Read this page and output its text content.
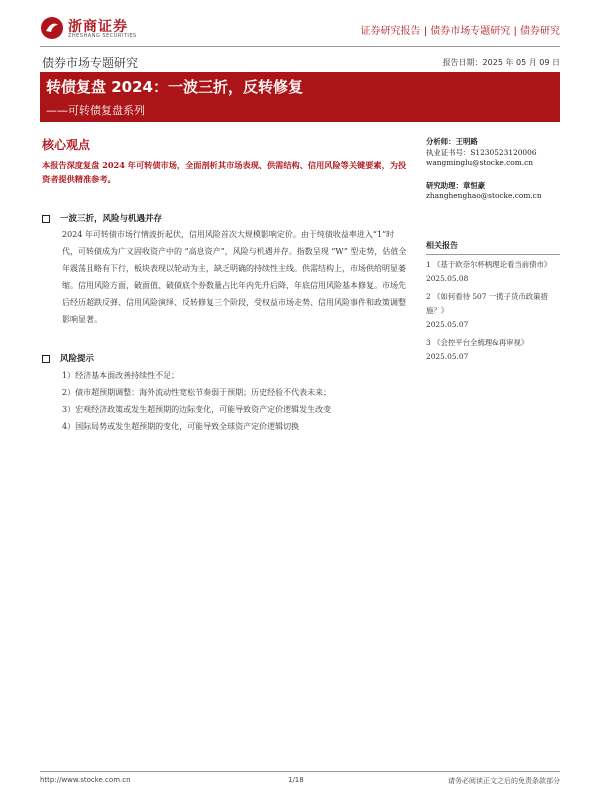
浙商证券
ZHESHANG SECURITIES	证券研究报告 | 债券市场专题研究 | 债券研究
债券市场专题研究	报告日期：2025 年 05 月 09 日
转债复盘 2024：一波三折，反转修复
——可转债复盘系列
核心观点
本报告深度复盘 2024 年可转债市场，全面剖析其市场表现、供需结构、信用风险等关键要素，为投资者提供精准参考。
一波三折，风险与机遇并存
2024 年可转债市场行情波折起伏，信用风险首次大规模影响定价。由于纯债收益率进入“1”时代，可转债成为广义固收资产中的 “高息资产”，风险与机遇并存。指数呈现 “W” 型走势，估值全年震荡且略有下行，板块表现以轮动为主，缺乏明确的持续性主线。供需结构上，市场供给明显萎缩。信用风险方面，破面值、破债底个券数量占比年内先升后降，年底信用风险基本修复。市场先后经历超跌反弹、信用风险演绎、反转修复三个阶段，受权益市场走势、信用风险事件和政策调整影响显著。
风险提示
1）经济基本面改善持续性不足；
2）债市超预期调整：海外流动性宽松节奏弱于预期；历史经验不代表未来；
3）宏观经济政策或发生超预期的边际变化，可能导致资产定价逻辑发生改变
4）国际局势或发生超预期的变化，可能导致全球资产定价逻辑切换
分析师：王明路
执业证书号：S1230523120006
wangminglu@stocke.com.cn
研究助理：章恒豪
zhanghenghao@stocke.com.cn
相关报告
1 《基于欧奈尔杯柄理论看当前债市》
2025.05.08
2 《如何看待 507 一揽子货币政策措施？》
2025.05.07
3 《会控平台全梳理&再审视》
2025.05.07
http://www.stocke.com.cn	1/18	请务必阅读正文之后的免责条款部分
